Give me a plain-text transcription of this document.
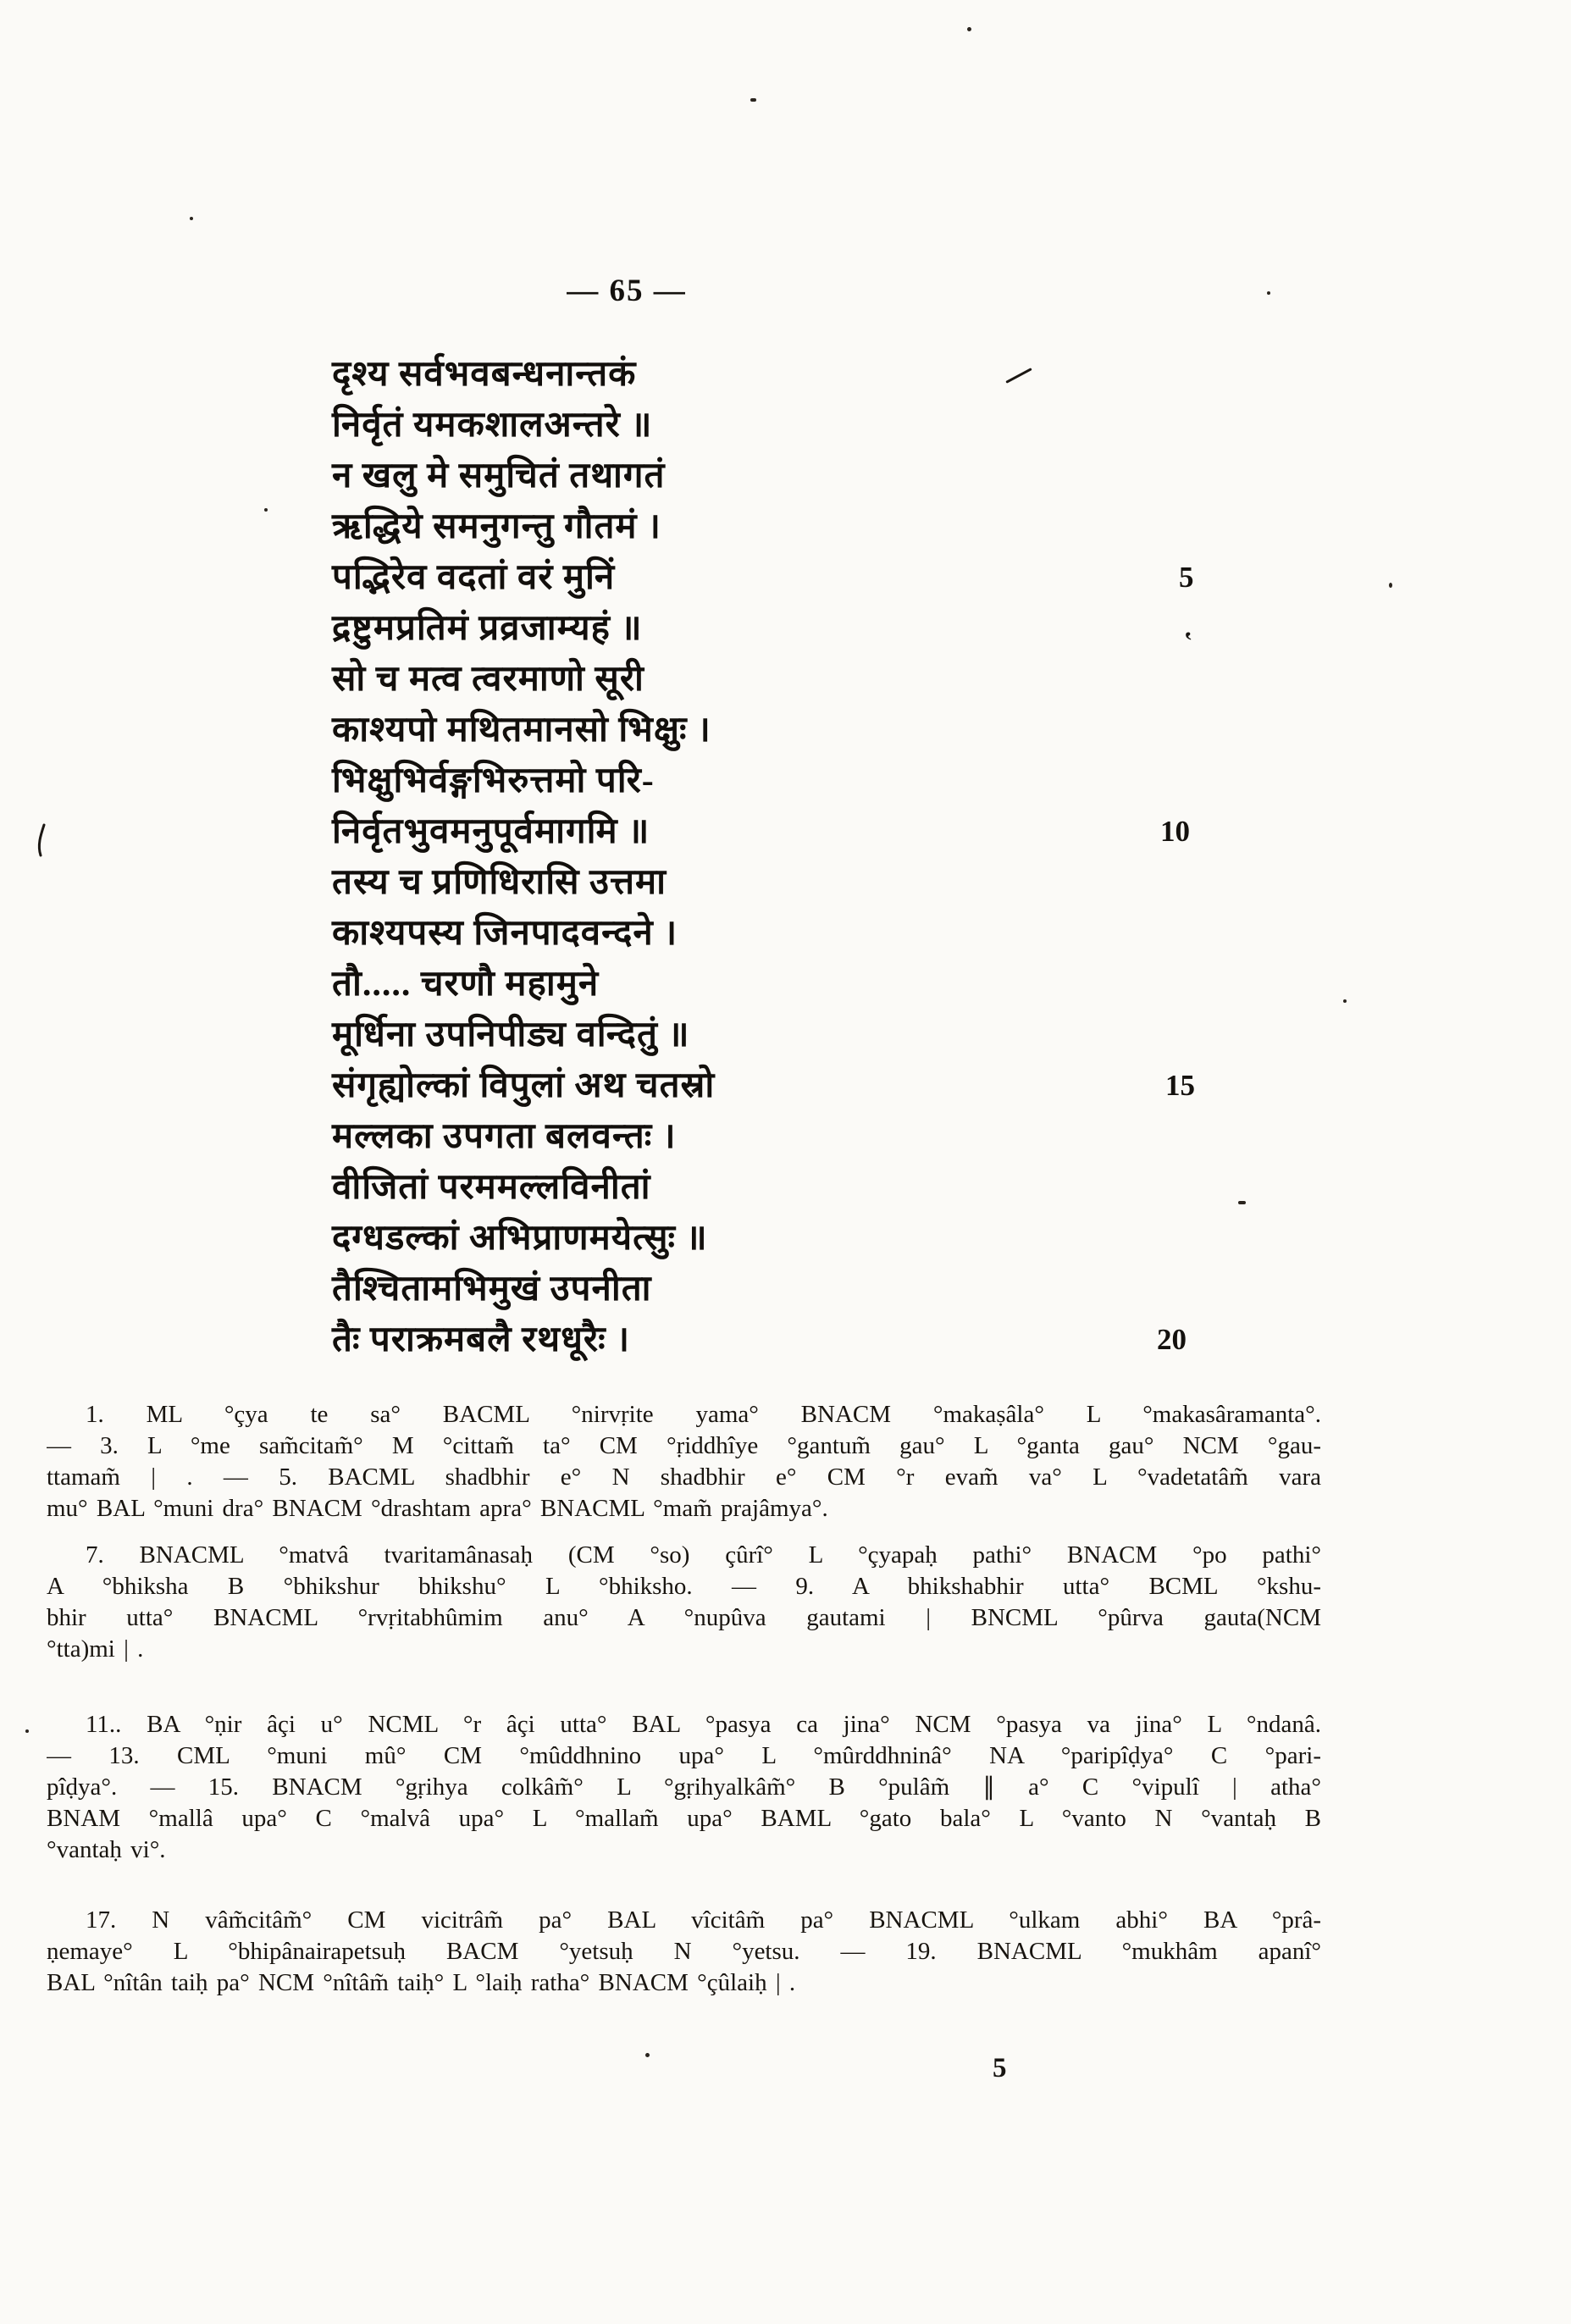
— 65 —
दृश्य सर्वभवबन्धनान्तकं
निर्वृतं यमकशालअन्तरे ॥
न खलु मे समुचितं तथागतं
ऋद्धिये समनुगन्तु गौतमं ।
पद्भिरेव वदतां वरं मुनिं
द्रष्टुमप्रतिमं प्रव्रजाम्यहं ॥
सो च मत्व त्वरमाणो सूरी
काश्यपो मथितमानसो भिक्षुः ।
भिक्षुभिर्वङ्गभिरुत्तमो परि-
निर्वृतभुवमनुपूर्वमागमि ॥
तस्य च प्रणिधिरासि उत्तमा
काश्यपस्य जिनपादवन्दने ।
तौ..... चरणौ महामुने
मूर्धिना उपनिपीड्य वन्दितुं ॥
संगृह्योल्कां विपुलां अथ चतस्रो
मल्लका उपगता बलवन्तः ।
वीजितां परममल्लविनीतां
दग्धडल्कां अभिप्राणमयेत्सुः ॥
तैश्चितामभिमुखं उपनीता
तैः पराक्रमबलै रथधूरैः ।
5
10
15
20
1. ML °çya te sa° BACML °nirvṛite yama° BNACM °makaṣâla° L °makasâramanta°.
— 3. L °me sam̃citam̃° M °cittam̃ ta° CM °ṛiddhîye °gantum̃ gau° L °ganta gau° NCM °gau-
ttamam̃ | . — 5. BACML shadbhir e° N shadbhir e° CM °r evam̃ va° L °vadetatâm̃ vara
mu° BAL °muni dra° BNACM °drashtam apra° BNACML °mam̃ prajâmya°.
7. BNACML °matvâ tvaritamânasaḥ (CM °so) çûrî° L °çyapaḥ pathi° BNACM °po pathi°
A °bhiksha B °bhikshur bhikshu° L °bhiksho. — 9. A bhikshabhir utta° BCML °kshu-
bhir utta° BNACML °rvṛitabhûmim anu° A °nupûva gautami | BNCML °pûrva gauta(NCM
°tta)mi | .
11.. BA °ṇir âçi u° NCML °r âçi utta° BAL °pasya ca jina° NCM °pasya va jina° L °ndanâ.
— 13. CML °muni mû° CM °mûddhnino upa° L °mûrddhninâ° NA °paripîḍya° C °pari-
pîḍya°. — 15. BNACM °gṛihya colkâm̃° L °gṛihyalkâm̃° B °pulâm̃ ∥ a° C °vipulî | atha°
BNAM °mallâ upa° C °malvâ upa° L °mallam̃ upa° BAML °gato bala° L °vanto N °vantaḥ B
°vantaḥ vi°.
17. N vâm̃citâm̃° CM vicitrâm̃ pa° BAL vîcitâm̃ pa° BNACML °ulkam abhi° BA °prâ-
ṇemaye° L °bhipânairapetsuḥ BACM °yetsuḥ N °yetsu. — 19. BNACML °mukhâm apanî°
BAL °nîtân taiḥ pa° NCM °nîtâm̃ taiḥ° L °laiḥ ratha° BNACM °çûlaiḥ | .
5
‛
